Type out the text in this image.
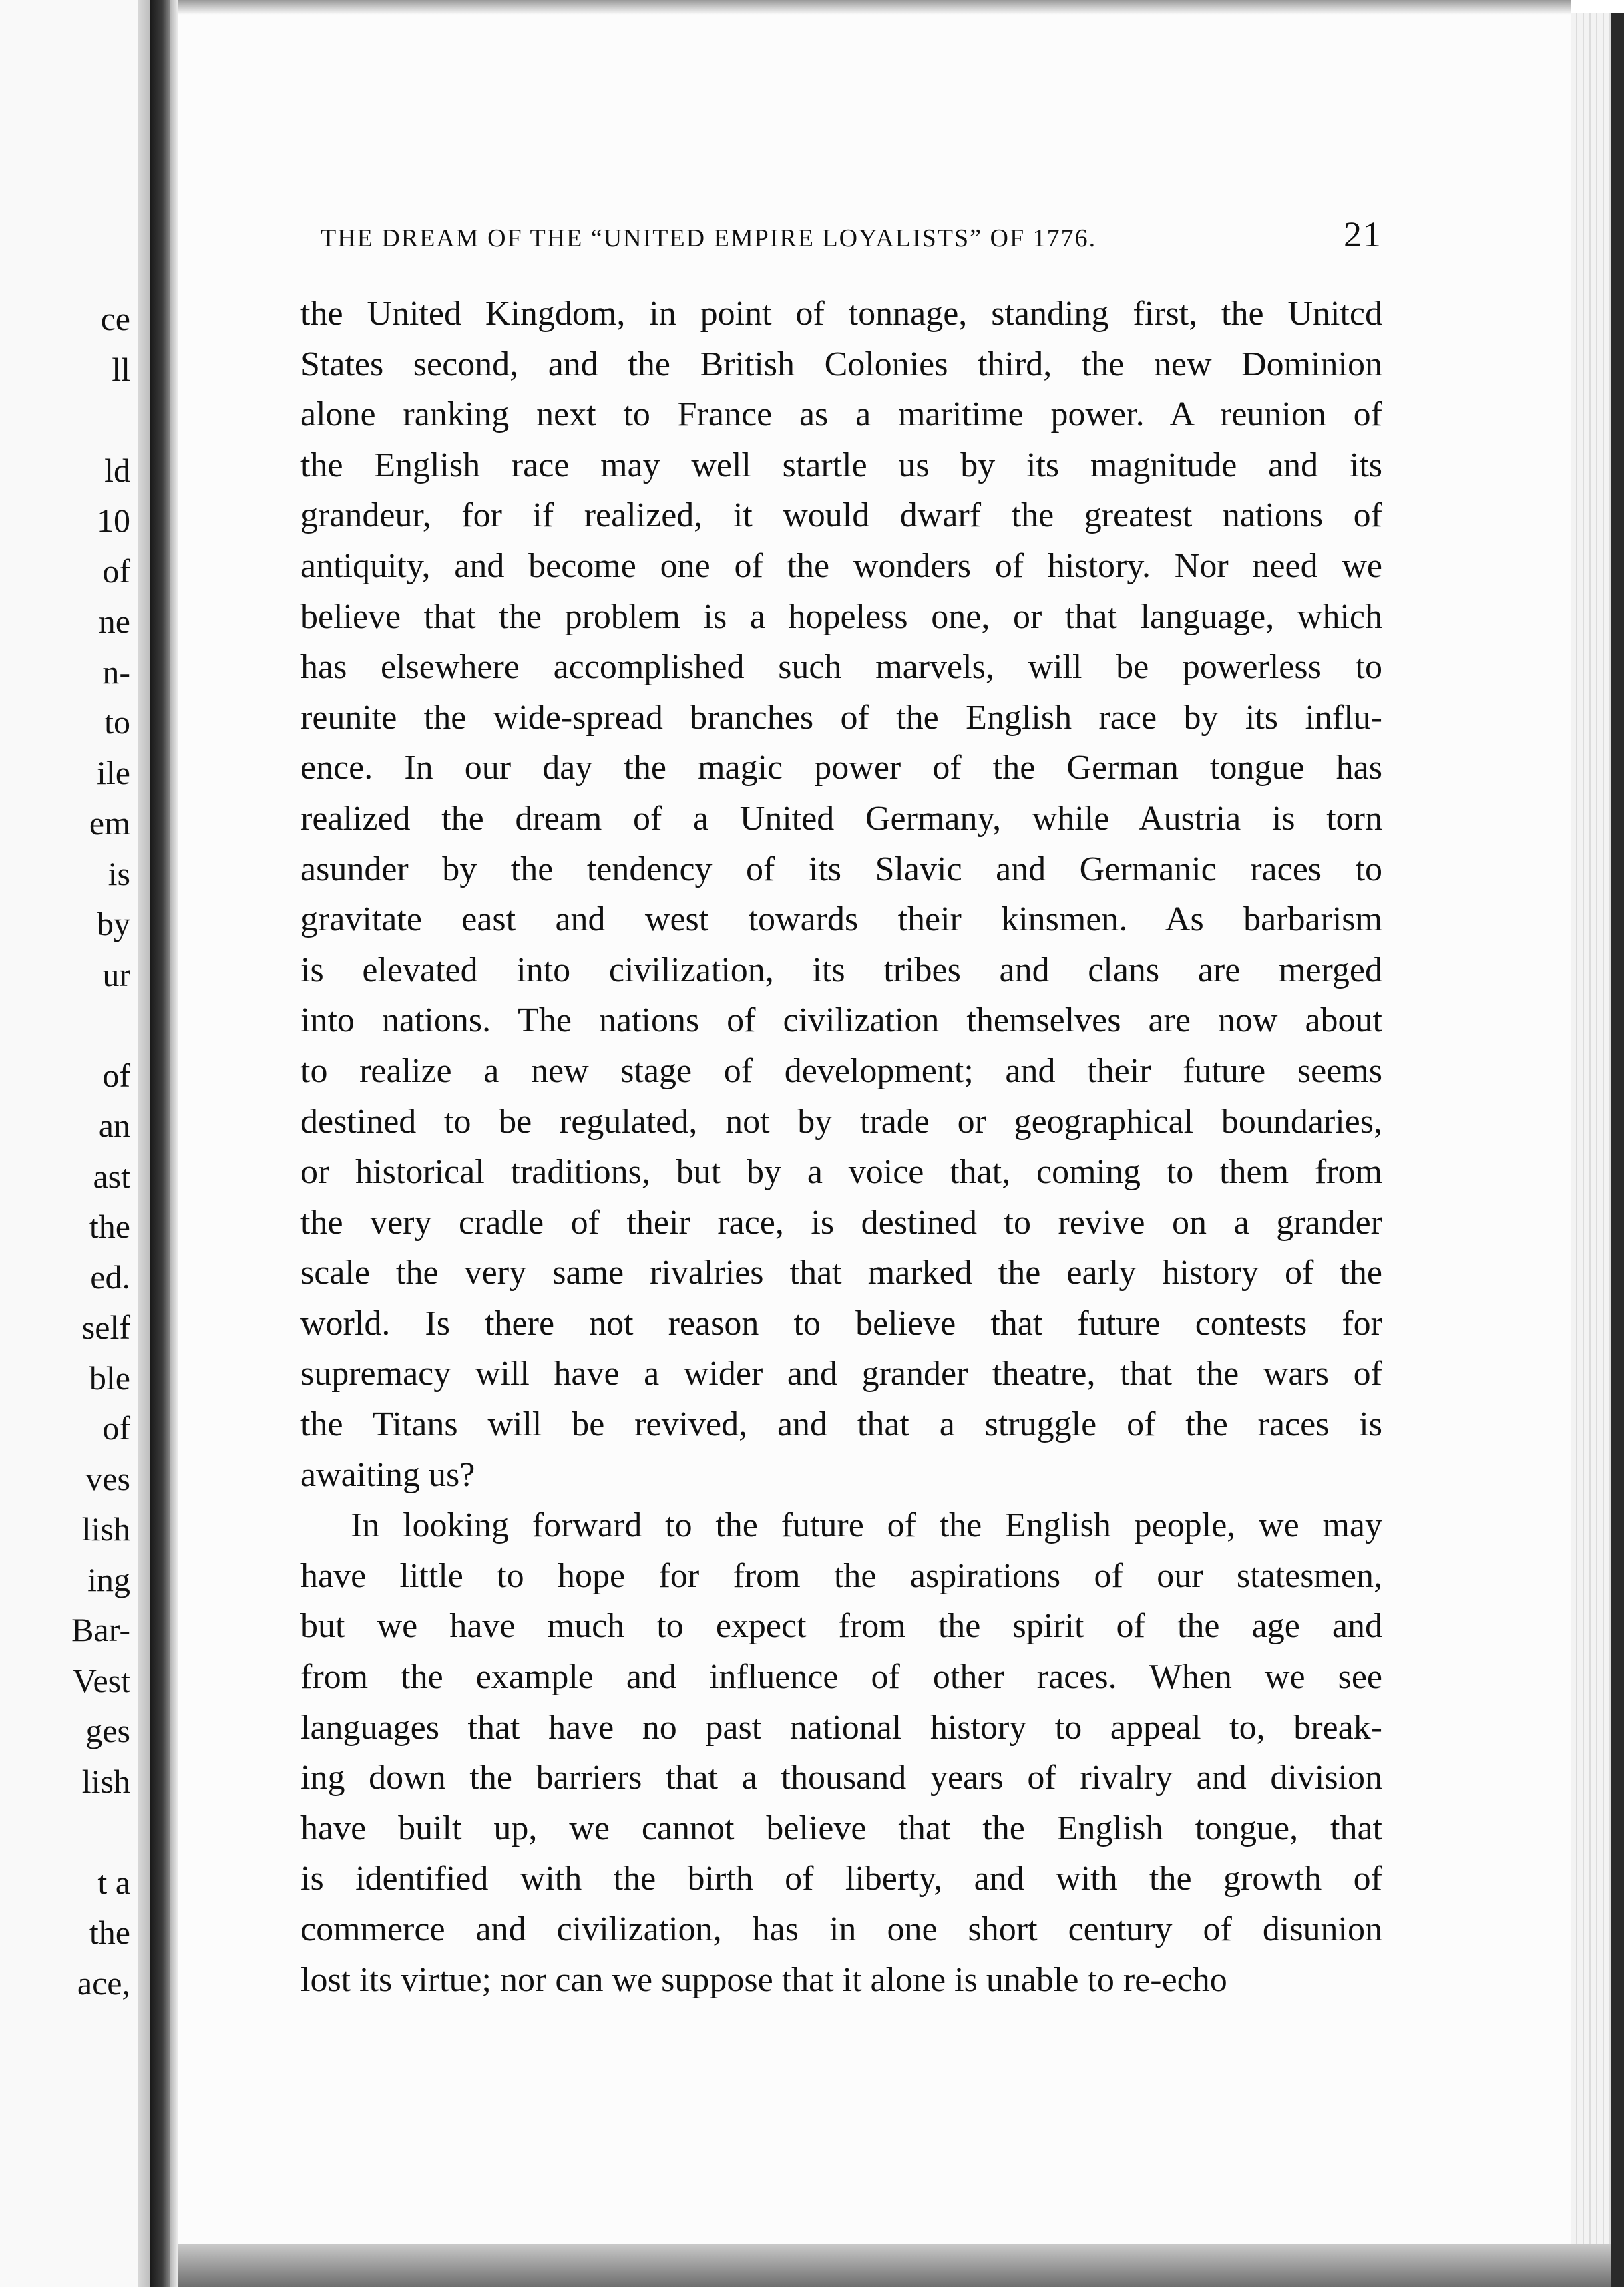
ce
ll
ld
10
of
ne
n-
to
ile
em
is
by
ur
of
an
ast
the
ed.
self
ble
of
ves
lish
ing
Bar-
Vest
ges
lish
t a
the
ace,
THE DREAM OF THE “UNITED EMPIRE LOYALISTS” OF 1776.	21
the United Kingdom, in point of tonnage, standing first, the Unitcd
States second, and the British Colonies third, the new Dominion
alone ranking next to France as a maritime power. A reunion of
the English race may well startle us by its magnitude and its
grandeur, for if realized, it would dwarf the greatest nations of
antiquity, and become one of the wonders of history. Nor need we
believe that the problem is a hopeless one, or that language, which
has elsewhere accomplished such marvels, will be powerless to
reunite the wide-spread branches of the English race by its influ-
ence. In our day the magic power of the German tongue has
realized the dream of a United Germany, while Austria is torn
asunder by the tendency of its Slavic and Germanic races to
gravitate east and west towards their kinsmen. As barbarism
is elevated into civilization, its tribes and clans are merged
into nations. The nations of civilization themselves are now about
to realize a new stage of development; and their future seems
destined to be regulated, not by trade or geographical boundaries,
or historical traditions, but by a voice that, coming to them from
the very cradle of their race, is destined to revive on a grander
scale the very same rivalries that marked the early history of the
world. Is there not reason to believe that future contests for
supremacy will have a wider and grander theatre, that the wars of
the Titans will be revived, and that a struggle of the races is
awaiting us?
In looking forward to the future of the English people, we may
have little to hope for from the aspirations of our statesmen,
but we have much to expect from the spirit of the age and
from the example and influence of other races. When we see
languages that have no past national history to appeal to, break-
ing down the barriers that a thousand years of rivalry and division
have built up, we cannot believe that the English tongue, that
is identified with the birth of liberty, and with the growth of
commerce and civilization, has in one short century of disunion
lost its virtue; nor can we suppose that it alone is unable to re-echo
